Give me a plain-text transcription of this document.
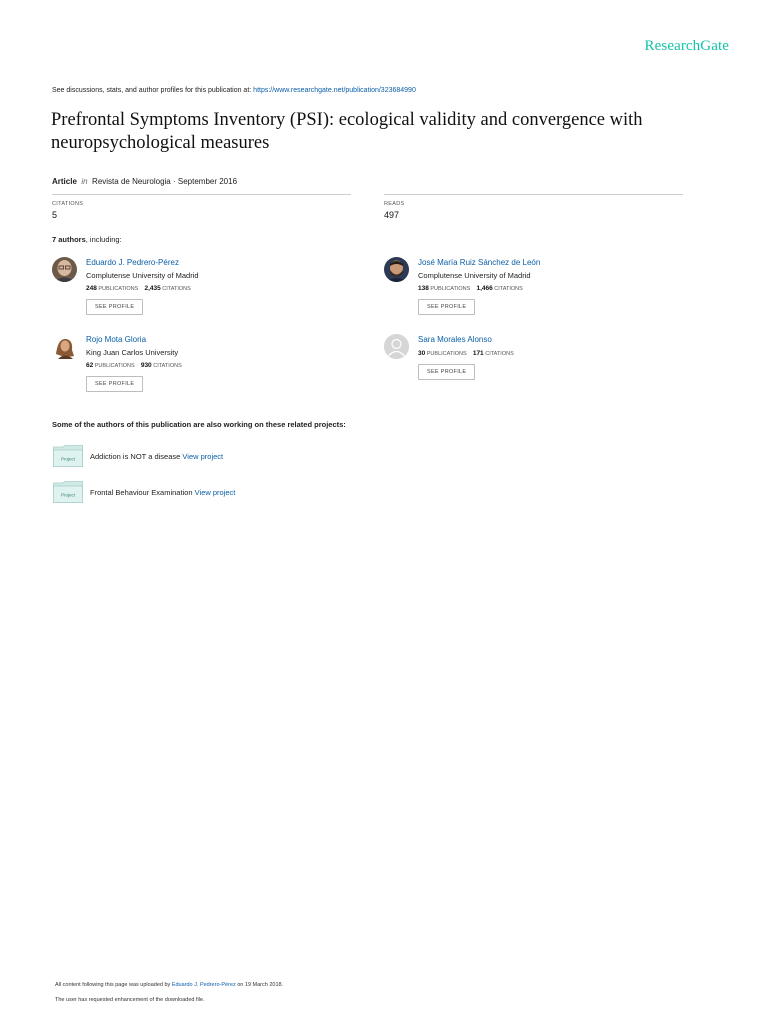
ResearchGate
See discussions, stats, and author profiles for this publication at: https://www.researchgate.net/publication/323684990
Prefrontal Symptoms Inventory (PSI): ecological validity and convergence with neuropsychological measures
Article in Revista de Neurologia · September 2016
CITATIONS
5
READS
497
7 authors, including:
Eduardo J. Pedrero-Pérez
Complutense University of Madrid
248 PUBLICATIONS 2,435 CITATIONS
SEE PROFILE
José María Ruiz Sánchez de León
Complutense University of Madrid
138 PUBLICATIONS 1,466 CITATIONS
SEE PROFILE
Rojo Mota Gloria
King Juan Carlos University
62 PUBLICATIONS 930 CITATIONS
SEE PROFILE
Sara Morales Alonso
30 PUBLICATIONS 171 CITATIONS
SEE PROFILE
Some of the authors of this publication are also working on these related projects:
Project Addiction is NOT a disease View project
Project Frontal Behaviour Examination View project
All content following this page was uploaded by Eduardo J. Pedrero-Pérez on 19 March 2018.
The user has requested enhancement of the downloaded file.
